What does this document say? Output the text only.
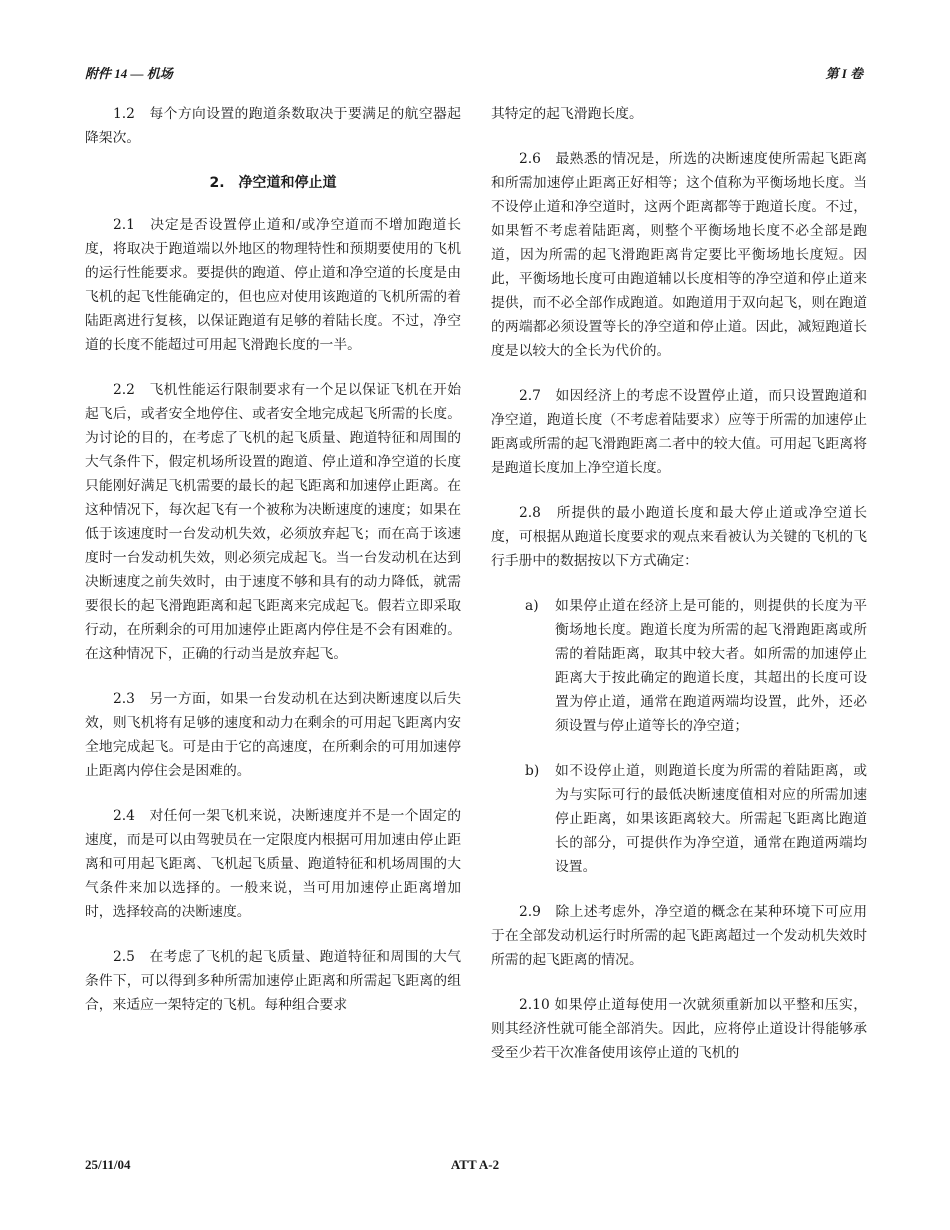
附件 14 — 机场	第 I 卷

1.2　每个方向设置的跑道条数取决于要满足的航空器起降架次。

2.　净空道和停止道

2.1　决定是否设置停止道和/或净空道而不增加跑道长度，将取决于跑道端以外地区的物理特性和预期要使用的飞机的运行性能要求。要提供的跑道、停止道和净空道的长度是由飞机的起飞性能确定的，但也应对使用该跑道的飞机所需的着陆距离进行复核，以保证跑道有足够的着陆长度。不过，净空道的长度不能超过可用起飞滑跑长度的一半。

2.2　飞机性能运行限制要求有一个足以保证飞机在开始起飞后，或者安全地停住、或者安全地完成起飞所需的长度。为讨论的目的，在考虑了飞机的起飞质量、跑道特征和周围的大气条件下，假定机场所设置的跑道、停止道和净空道的长度只能刚好满足飞机需要的最长的起飞距离和加速停止距离。在这种情况下，每次起飞有一个被称为决断速度的速度；如果在低于该速度时一台发动机失效，必须放弃起飞；而在高于该速度时一台发动机失效，则必须完成起飞。当一台发动机在达到决断速度之前失效时，由于速度不够和具有的动力降低，就需要很长的起飞滑跑距离和起飞距离来完成起飞。假若立即采取行动，在所剩余的可用加速停止距离内停住是不会有困难的。在这种情况下，正确的行动当是放弃起飞。

2.3　另一方面，如果一台发动机在达到决断速度以后失效，则飞机将有足够的速度和动力在剩余的可用起飞距离内安全地完成起飞。可是由于它的高速度，在所剩余的可用加速停止距离内停住会是困难的。

2.4　对任何一架飞机来说，决断速度并不是一个固定的速度，而是可以由驾驶员在一定限度内根据可用加速由停止距离和可用起飞距离、飞机起飞质量、跑道特征和机场周围的大气条件来加以选择的。一般来说，当可用加速停止距离增加时，选择较高的决断速度。

2.5　在考虑了飞机的起飞质量、跑道特征和周围的大气条件下，可以得到多种所需加速停止距离和所需起飞距离的组合，来适应一架特定的飞机。每种组合要求

其特定的起飞滑跑长度。

2.6　最熟悉的情况是，所选的决断速度使所需起飞距离和所需加速停止距离正好相等；这个值称为平衡场地长度。当不设停止道和净空道时，这两个距离都等于跑道长度。不过，如果暂不考虑着陆距离，则整个平衡场地长度不必全部是跑道，因为所需的起飞滑跑距离肯定要比平衡场地长度短。因此，平衡场地长度可由跑道辅以长度相等的净空道和停止道来提供，而不必全部作成跑道。如跑道用于双向起飞，则在跑道的两端都必须设置等长的净空道和停止道。因此，减短跑道长度是以较大的全长为代价的。

2.7　如因经济上的考虑不设置停止道，而只设置跑道和净空道，跑道长度（不考虑着陆要求）应等于所需的加速停止距离或所需的起飞滑跑距离二者中的较大值。可用起飞距离将是跑道长度加上净空道长度。

2.8　所提供的最小跑道长度和最大停止道或净空道长度，可根据从跑道长度要求的观点来看被认为关键的飞机的飞行手册中的数据按以下方式确定：

a) 如果停止道在经济上是可能的，则提供的长度为平衡场地长度。跑道长度为所需的起飞滑跑距离或所需的着陆距离，取其中较大者。如所需的加速停止距离大于按此确定的跑道长度，其超出的长度可设置为停止道，通常在跑道两端均设置，此外，还必须设置与停止道等长的净空道；
b) 如不设停止道，则跑道长度为所需的着陆距离，或为与实际可行的最低决断速度值相对应的所需加速停止距离，如果该距离较大。所需起飞距离比跑道长的部分，可提供作为净空道，通常在跑道两端均设置。

2.9　除上述考虑外，净空道的概念在某种环境下可应用于在全部发动机运行时所需的起飞距离超过一个发动机失效时所需的起飞距离的情况。

2.10 如果停止道每使用一次就须重新加以平整和压实，则其经济性就可能全部消失。因此，应将停止道设计得能够承受至少若干次准备使用该停止道的飞机的

25/11/04	ATT A-2
